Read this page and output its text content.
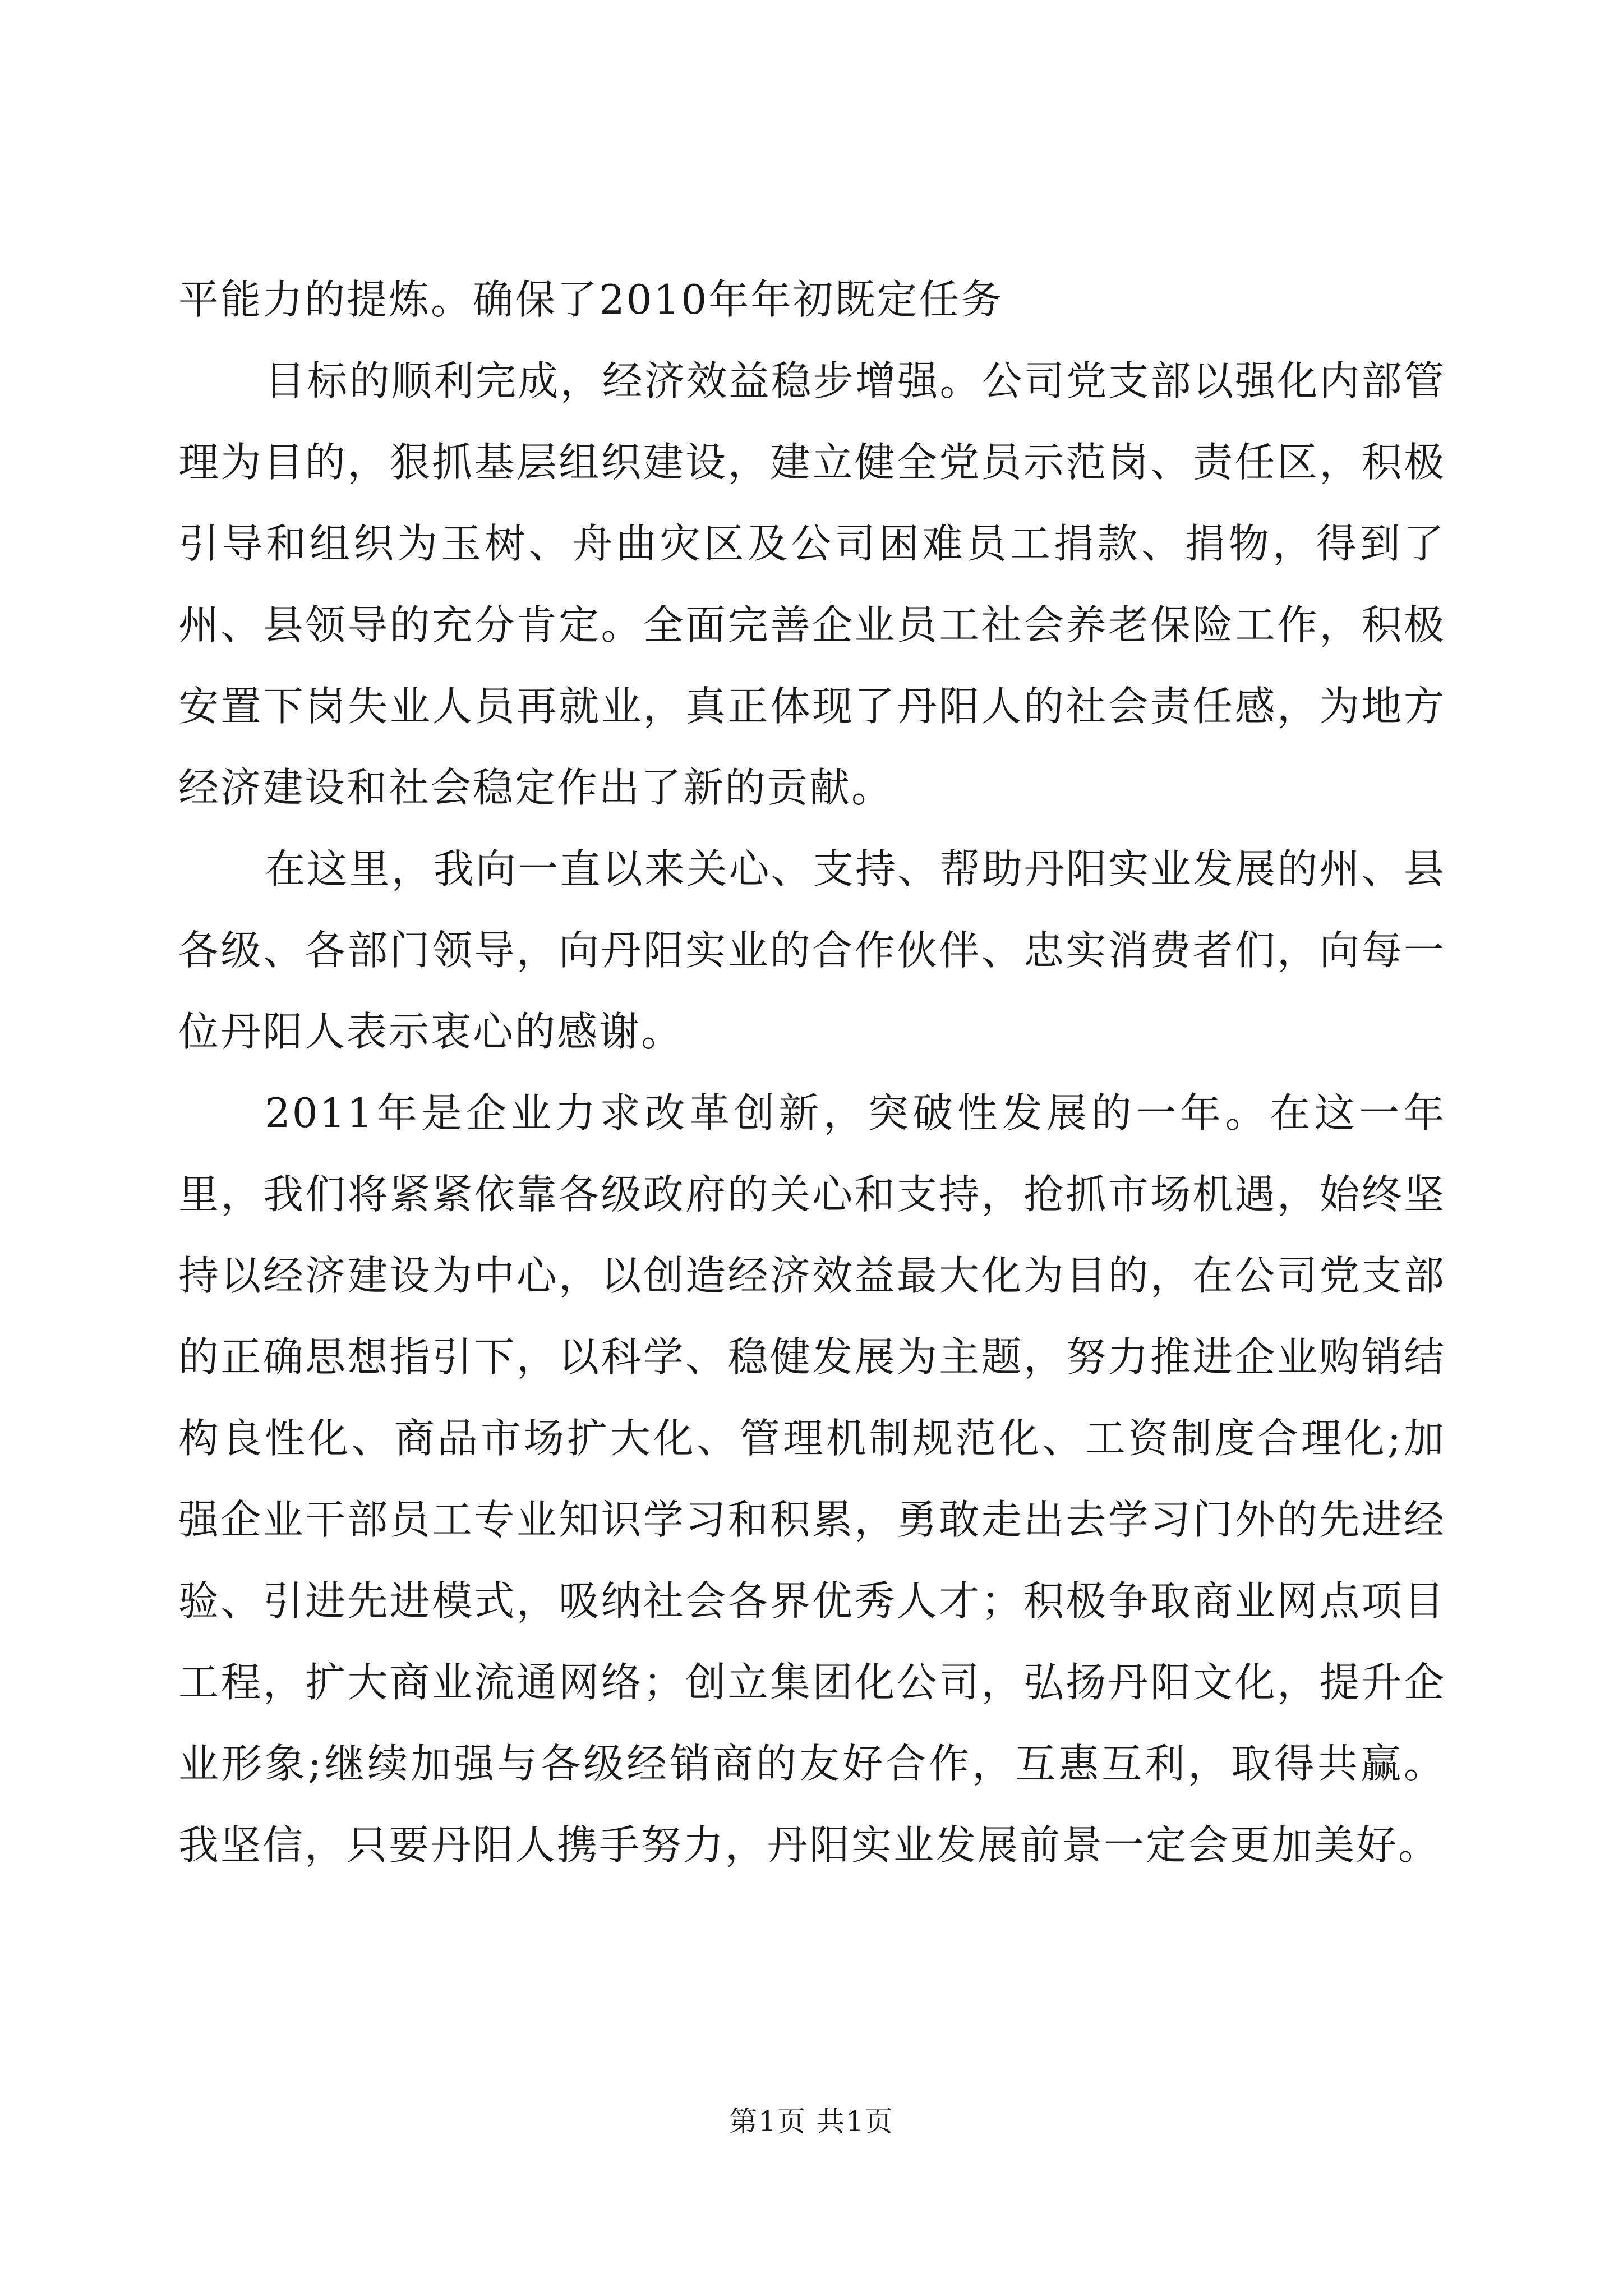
平能力的提炼。确保了2010年年初既定任务

目标的顺利完成，经济效益稳步增强。公司党支部以强化内部管理为目的，狠抓基层组织建设，建立健全党员示范岗、责任区，积极引导和组织为玉树、舟曲灾区及公司困难员工捐款、捐物，得到了州、县领导的充分肯定。全面完善企业员工社会养老保险工作，积极安置下岗失业人员再就业，真正体现了丹阳人的社会责任感，为地方经济建设和社会稳定作出了新的贡献。

在这里，我向一直以来关心、支持、帮助丹阳实业发展的州、县各级、各部门领导，向丹阳实业的合作伙伴、忠实消费者们，向每一位丹阳人表示衷心的感谢。

2011年是企业力求改革创新，突破性发展的一年。在这一年里，我们将紧紧依靠各级政府的关心和支持，抢抓市场机遇，始终坚持以经济建设为中心，以创造经济效益最大化为目的，在公司党支部的正确思想指引下，以科学、稳健发展为主题，努力推进企业购销结构良性化、商品市场扩大化、管理机制规范化、工资制度合理化;加强企业干部员工专业知识学习和积累，勇敢走出去学习门外的先进经验、引进先进模式，吸纳社会各界优秀人才；积极争取商业网点项目工程，扩大商业流通网络；创立集团化公司，弘扬丹阳文化，提升企业形象;继续加强与各级经销商的友好合作，互惠互利，取得共赢。我坚信，只要丹阳人携手努力，丹阳实业发展前景一定会更加美好。

第1页 共1页
